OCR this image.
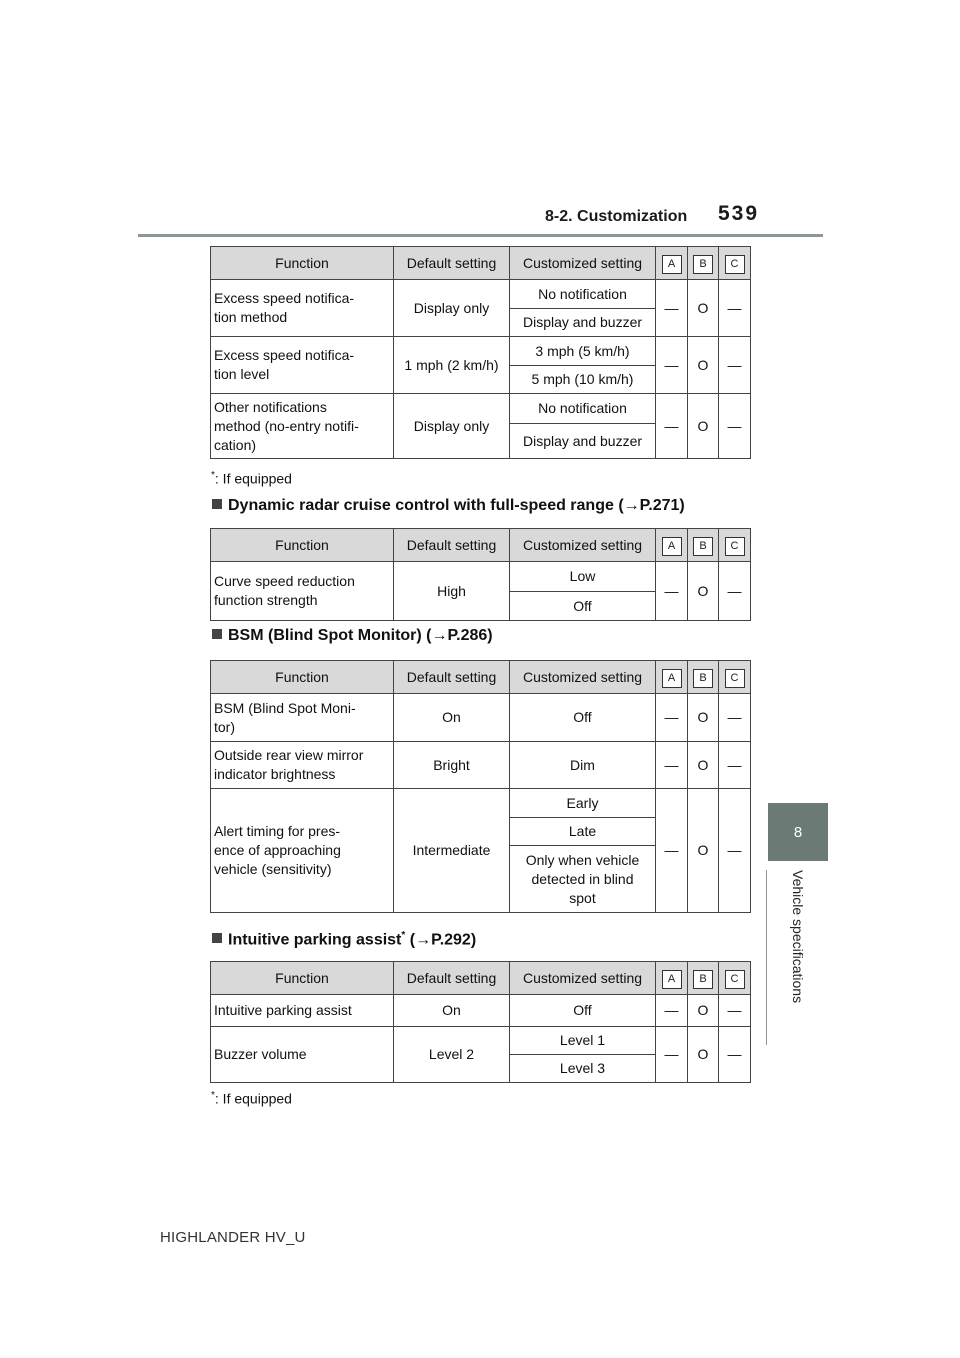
8-2. Customization 539
8
Vehicle specifications
Function	Default setting	Customized setting	A	B	C
Excess speed notifica-
tion method	Display only	No notification	—	O	—
		Display and buzzer			
Excess speed notifica-
tion level	1 mph (2 km/h)	3 mph (5 km/h)	—	O	—
		5 mph (10 km/h)			
Other notifications
method (no-entry notifi-
cation)	Display only	No notification	—	O	—
		Display and buzzer			
*: If equipped
Dynamic radar cruise control with full-speed range (→P.271)
Function	Default setting	Customized setting	A	B	C
Curve speed reduction
function strength	High	Low	—	O	—
		Off			
BSM (Blind Spot Monitor) (→P.286)
Function	Default setting	Customized setting	A	B	C
BSM (Blind Spot Moni-
tor)	On	Off	—	O	—
Outside rear view mirror
indicator brightness	Bright	Dim	—	O	—
Alert timing for pres-
ence of approaching
vehicle (sensitivity)	Intermediate	Early	—	O	—
		Late			
		Only when vehicle
detected in blind
spot			
Intuitive parking assist* (→P.292)
Function	Default setting	Customized setting	A	B	C
Intuitive parking assist	On	Off	—	O	—
Buzzer volume	Level 2	Level 1	—	O	—
		Level 3			
*: If equipped
HIGHLANDER HV_U
